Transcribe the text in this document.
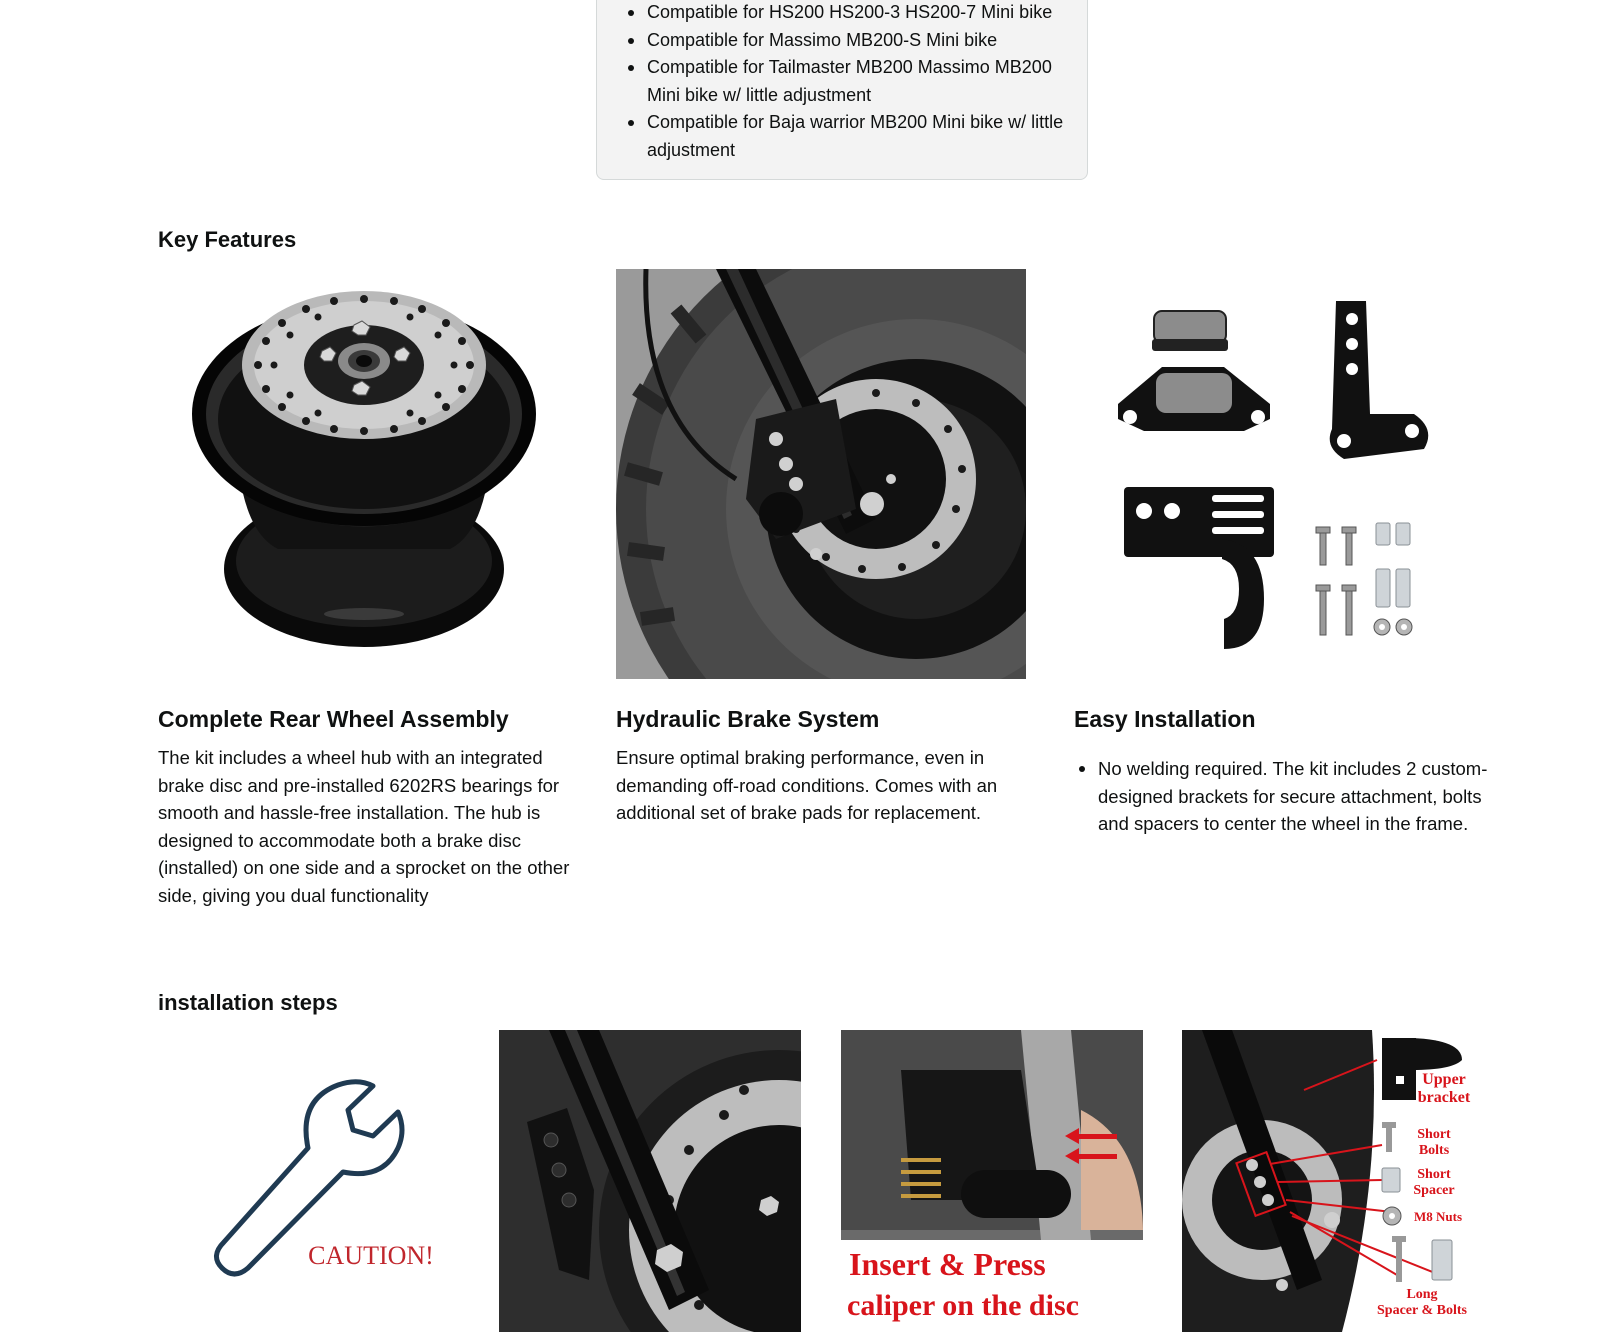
Compatible for HS200 HS200-3 HS200-7 Mini bike
Compatible for Massimo MB200-S Mini bike
Compatible for Tailmaster MB200 Massimo MB200 Mini bike w/ little adjustment
Compatible for Baja warrior MB200 Mini bike w/ little adjustment
Key Features
Complete Rear Wheel Assembly

The kit includes a wheel hub with an integrated brake disc and pre-installed 6202RS bearings for smooth and hassle-free installation. The hub is designed to accommodate both a brake disc (installed) on one side and a sprocket on the other side, giving you dual functionality

Hydraulic Brake System

Ensure optimal braking performance, even in demanding off-road conditions. Comes with an additional set of brake pads for replacement.

Easy Installation
No welding required. The kit includes 2 custom-designed brackets for secure attachment, bolts and spacers to center the wheel in the frame.
installation steps
CAUTION!	Insert & Press
caliper on the disc
Upper
bracket
Short
Bolts
Short
Spacer
M8 Nuts
Long
Spacer & Bolts
